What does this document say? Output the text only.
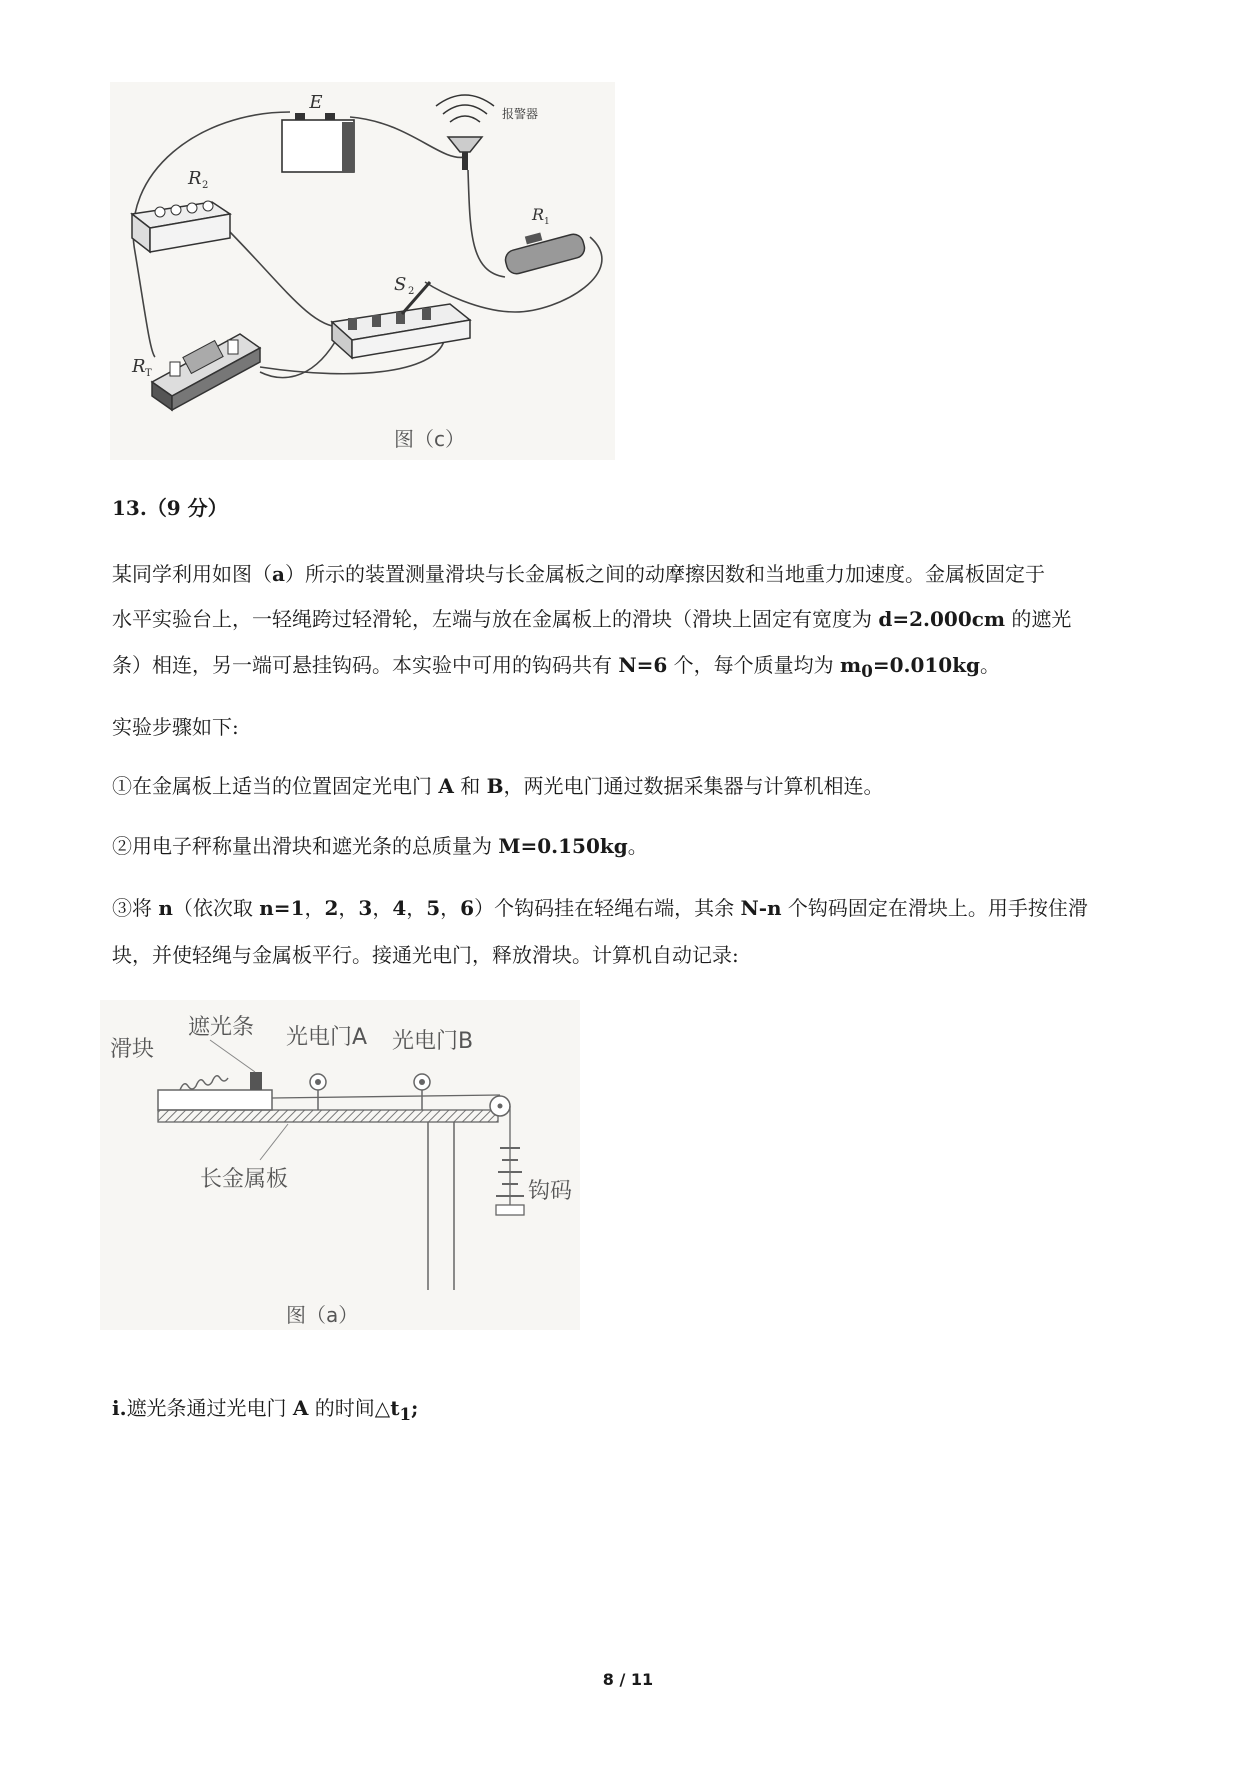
E
报警器
R 2
R 1
S 2
R T
图（c）
13.（9 分）
某同学利用如图（a）所示的装置测量滑块与长金属板之间的动摩擦因数和当地重力加速度。金属板固定于
水平实验台上，一轻绳跨过轻滑轮，左端与放在金属板上的滑块（滑块上固定有宽度为 d=2.000cm 的遮光
条）相连，另一端可悬挂钩码。本实验中可用的钩码共有 N=6 个，每个质量均为 $m_0=0.010kg$。
实验步骤如下:
①在金属板上适当的位置固定光电门 A 和 B，两光电门通过数据采集器与计算机相连。
②用电子秤称量出滑块和遮光条的总质量为 M=0.150kg。
③将 n（依次取 n=1，2，3，4，5，6）个钩码挂在轻绳右端，其余 N-n 个钩码固定在滑块上。用手按住滑
块，并使轻绳与金属板平行。接通光电门，释放滑块。计算机自动记录:
滑块
遮光条 光电门A 光电门B
长金属板	钩码
图（a）
i.遮光条通过光电门 A 的时间$\triangle t_1$;
8 / 11
